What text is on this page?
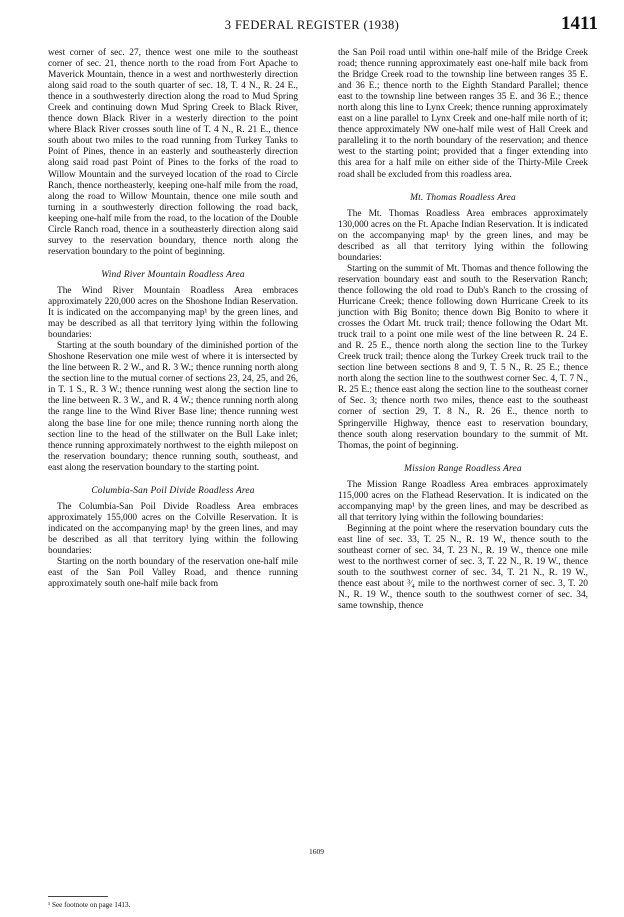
3 FEDERAL REGISTER (1938)	1411

west corner of sec. 27, thence west one mile to the southeast corner of sec. 21, thence north to the road from Fort Apache to Maverick Mountain, thence in a west and northwesterly direction along said road to the south quarter of sec. 18, T. 4 N., R. 24 E., thence in a southwesterly direction along the road to Mud Spring Creek and continuing down Mud Spring Creek to Black River, thence down Black River in a westerly direction to the point where Black River crosses south line of T. 4 N., R. 21 E., thence south about two miles to the road running from Turkey Tanks to Point of Pines, thence in an easterly and southeasterly direction along said road past Point of Pines to the forks of the road to Willow Mountain and the surveyed location of the road to Circle Ranch, thence northeasterly, keeping one-half mile from the road, along the road to Willow Mountain, thence one mile south and turning in a southwesterly direction following the road back, keeping one-half mile from the road, to the location of the Double Circle Ranch road, thence in a southeasterly direction along said survey to the reservation boundary, thence north along the reservation boundary to the point of beginning.

Wind River Mountain Roadless Area

The Wind River Mountain Roadless Area embraces approximately 220,000 acres on the Shoshone Indian Reservation. It is indicated on the accompanying map¹ by the green lines, and may be described as all that territory lying within the following boundaries:

Starting at the south boundary of the diminished portion of the Shoshone Reservation one mile west of where it is intersected by the line between R. 2 W., and R. 3 W.; thence running north along the section line to the mutual corner of sections 23, 24, 25, and 26, in T. 1 S., R. 3 W.; thence running west along the section line to the line between R. 3 W., and R. 4 W.; thence running north along the range line to the Wind River Base line; thence running west along the base line for one mile; thence running north along the section line to the head of the stillwater on the Bull Lake inlet; thence running approximately northwest to the eighth milepost on the reservation boundary; thence running south, southeast, and east along the reservation boundary to the starting point.

Columbia-San Poil Divide Roadless Area

The Columbia-San Poil Divide Roadless Area embraces approximately 155,000 acres on the Colville Reservation. It is indicated on the accompanying map¹ by the green lines, and may be described as all that territory lying within the following boundaries:

Starting on the north boundary of the reservation one-half mile east of the San Poil Valley Road, and thence running approximately south one-half mile back from

the San Poil road until within one-half mile of the Bridge Creek road; thence running approximately east one-half mile back from the Bridge Creek road to the township line between ranges 35 E. and 36 E.; thence north to the Eighth Standard Parallel; thence east to the township line between ranges 35 E. and 36 E.; thence north along this line to Lynx Creek; thence running approximately east on a line parallel to Lynx Creek and one-half mile north of it; thence approximately NW one-half mile west of Hall Creek and paralleling it to the north boundary of the reservation; and thence west to the starting point; provided that a finger extending into this area for a half mile on either side of the Thirty-Mile Creek road shall be excluded from this roadless area.

Mt. Thomas Roadless Area

The Mt. Thomas Roadless Area embraces approximately 130,000 acres on the Ft. Apache Indian Reservation. It is indicated on the accompanying map¹ by the green lines, and may be described as all that territory lying within the following boundaries:

Starting on the summit of Mt. Thomas and thence following the reservation boundary east and south to the Reservation Ranch; thence following the old road to Dub's Ranch to the crossing of Hurricane Creek; thence following down Hurricane Creek to its junction with Big Bonito; thence down Big Bonito to where it crosses the Odart Mt. truck trail; thence following the Odart Mt. truck trail to a point one mile west of the line between R. 24 E. and R. 25 E., thence north along the section line to the Turkey Creek truck trail; thence along the Turkey Creek truck trail to the section line between sections 8 and 9, T. 5 N., R. 25 E.; thence north along the section line to the southwest corner Sec. 4, T. 7 N., R. 25 E.; thence east along the section line to the southeast corner of Sec. 3; thence north two miles, thence east to the southeast corner of section 29, T. 8 N., R. 26 E., thence north to Springerville Highway, thence east to reservation boundary, thence south along reservation boundary to the summit of Mt. Thomas, the point of beginning.

Mission Range Roadless Area

The Mission Range Roadless Area embraces approximately 115,000 acres on the Flathead Reservation. It is indicated on the accompanying map¹ by the green lines, and may be described as all that territory lying within the following boundaries:

Beginning at the point where the reservation boundary cuts the east line of sec. 33, T. 25 N., R. 19 W., thence south to the southeast corner of sec. 34, T. 23 N., R. 19 W., thence one mile west to the northwest corner of sec. 3, T. 22 N., R. 19 W., thence south to the southwest corner of sec. 34, T. 21 N., R. 19 W., thence east about ³⁄₄ mile to the northwest corner of sec. 3, T. 20 N., R. 19 W., thence south to the southwest corner of sec. 34, same township, thence

1609
¹ See footnote on page 1413.
